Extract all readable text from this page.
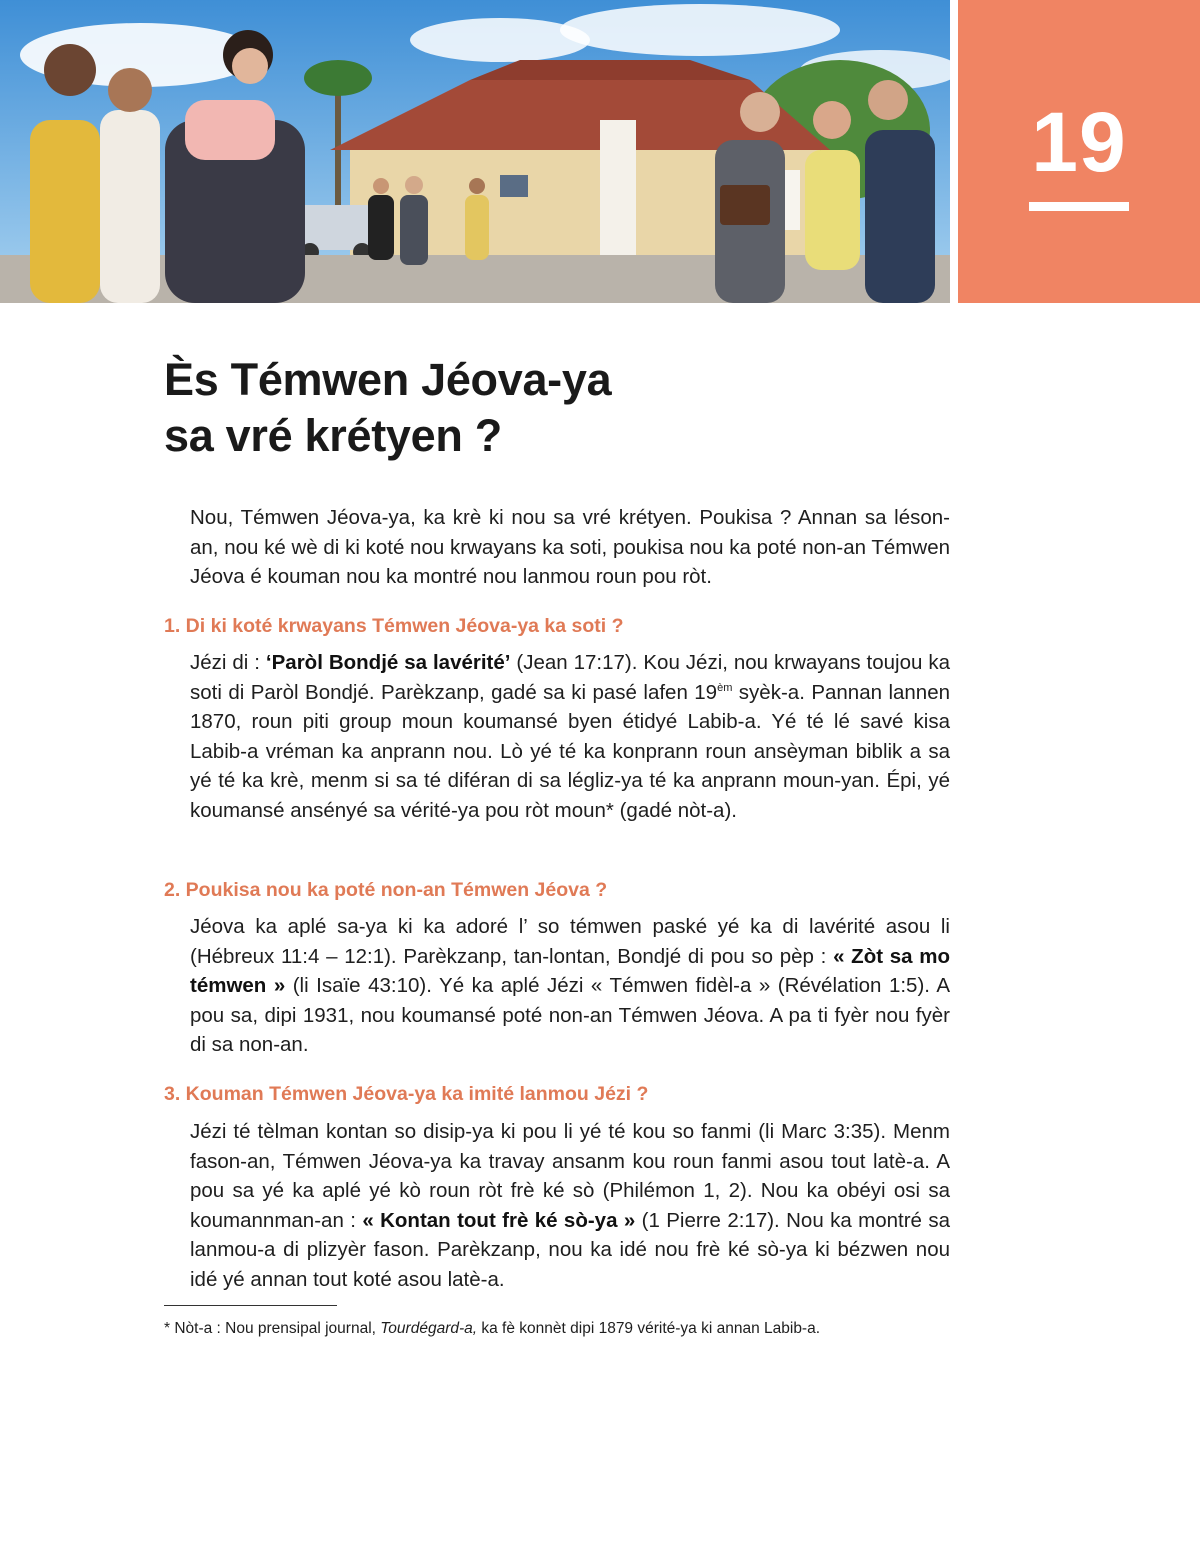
19
Ès Témwen Jéova-ya
sa vré krétyen ?

Nou, Témwen Jéova-ya, ka krè ki nou sa vré krétyen. Poukisa ? Annan sa léson-an, nou ké wè di ki koté nou krwayans ka soti, poukisa nou ka poté non-an Témwen Jéova é kouman nou ka montré nou lanmou roun pou ròt.

1. Di ki koté krwayans Témwen Jéova-ya ka soti ?

Jézi di : ‘Paròl Bondjé sa lavérité’ (Jean 17:17). Kou Jézi, nou krwayans toujou ka soti di Paròl Bondjé. Parèkzanp, gadé sa ki pasé lafen $19^{èm}$ syèk-a. Pannan lannen 1870, roun piti group moun koumansé byen étidyé Labib-a. Yé té lé savé kisa Labib-a vréman ka anprann nou. Lò yé té ka konprann roun ansèyman biblik a sa yé té ka krè, menm si sa té diféran di sa légliz-ya té ka anprann moun-yan. Épi, yé koumansé ansényé sa vérité-ya pou ròt moun* (gadé nòt-a).

2. Poukisa nou ka poté non-an Témwen Jéova ?

Jéova ka aplé sa-ya ki ka adoré l’ so témwen paské yé ka di lavérité asou li (Hébreux 11:4 – 12:1). Parèkzanp, tan-lontan, Bondjé di pou so pèp : « Zòt sa mo témwen » (li Isaïe 43:10). Yé ka aplé Jézi « Témwen fidèl-a » (Révélation 1:5). A pou sa, dipi 1931, nou koumansé poté non-an Témwen Jéova. A pa ti fyèr nou fyèr di sa non-an.

3. Kouman Témwen Jéova-ya ka imité lanmou Jézi ?

Jézi té tèlman kontan so disip-ya ki pou li yé té kou so fanmi (li Marc 3:35). Menm fason-an, Témwen Jéova-ya ka travay ansanm kou roun fanmi asou tout latè-a. A pou sa yé ka aplé yé kò roun ròt frè ké sò (Philémon 1, 2). Nou ka obéyi osi sa koumannman-an : « Kontan tout frè ké sò-ya » (1 Pierre 2:17). Nou ka montré sa lanmou-a di plizyèr fason. Parèkzanp, nou ka idé nou frè ké sò-ya ki bézwen nou idé yé annan tout koté asou latè-a.

* Nòt-a : Nou prensipal journal, Tourdégard-a, ka fè konnèt dipi 1879 vérité-ya ki annan Labib-a.
